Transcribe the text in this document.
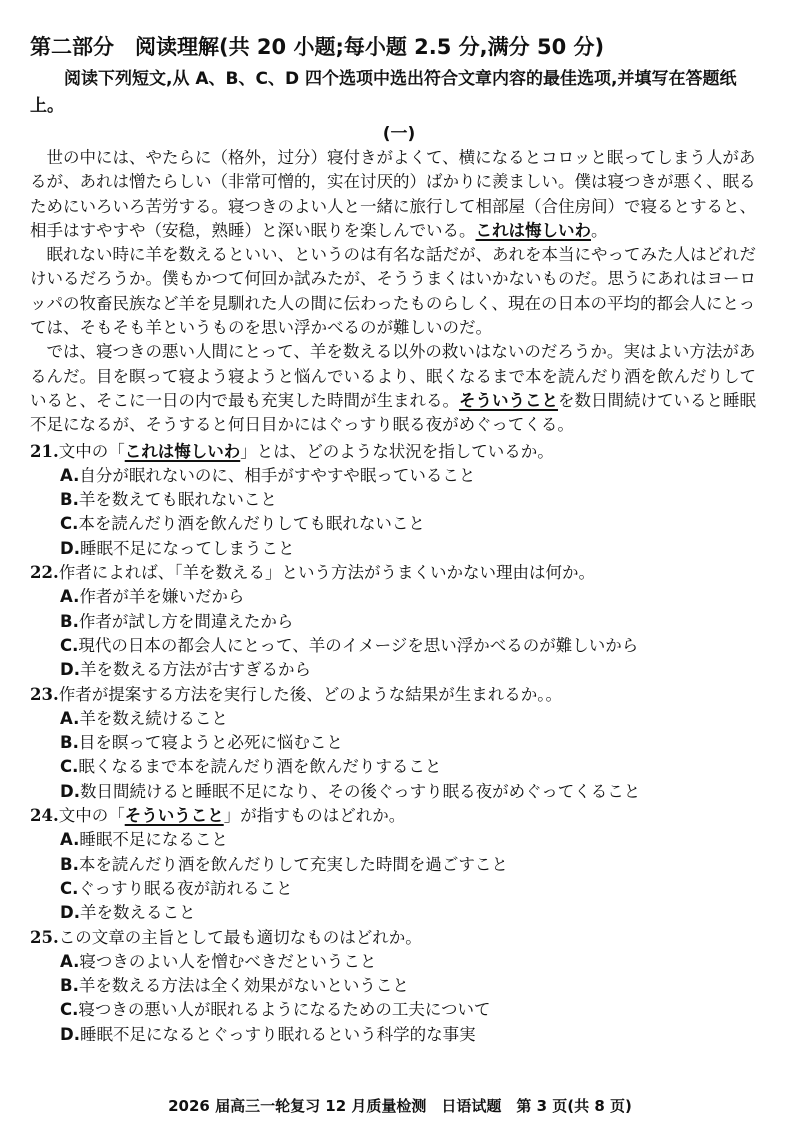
第二部分　阅读理解(共 20 小题;每小题 2.5 分,满分 50 分)

阅读下列短文,从 A、B、C、D 四个选项中选出符合文章内容的最佳选项,并填写在答题纸上。

(一)

世の中には、やたらに（格外，过分）寝付きがよくて、横になるとコロッと眠ってしまう人があるが、あれは憎たらしい（非常可憎的，实在讨厌的）ばかりに羨ましい。僕は寝つきが悪く、眠るためにいろいろ苦労する。寝つきのよい人と一緒に旅行して相部屋（合住房间）で寝るとすると、相手はすやすや（安稳，熟睡）と深い眠りを楽しんでいる。これは悔しいわ。

眠れない時に羊を数えるといい、というのは有名な話だが、あれを本当にやってみた人はどれだけいるだろうか。僕もかつて何回か試みたが、そううまくはいかないものだ。思うにあれはヨーロッパの牧畜民族など羊を見馴れた人の間に伝わったものらしく、現在の日本の平均的都会人にとっては、そもそも羊というものを思い浮かべるのが難しいのだ。

では、寝つきの悪い人間にとって、羊を数える以外の救いはないのだろうか。実はよい方法があるんだ。目を瞑って寝よう寝ようと悩んでいるより、眠くなるまで本を読んだり酒を飲んだりしていると、そこに一日の内で最も充実した時間が生まれる。そういうことを数日間続けていると睡眠不足になるが、そうすると何日目かにはぐっすり眠る夜がめぐってくる。

21.文中の「これは悔しいわ」とは、どのような状況を指しているか。
A.自分が眠れないのに、相手がすやすや眠っていること
B.羊を数えても眠れないこと
C.本を読んだり酒を飲んだりしても眠れないこと
D.睡眠不足になってしまうこと
22.作者によれば、「羊を数える」という方法がうまくいかない理由は何か。
A.作者が羊を嫌いだから
B.作者が試し方を間違えたから
C.現代の日本の都会人にとって、羊のイメージを思い浮かべるのが難しいから
D.羊を数える方法が古すぎるから
23.作者が提案する方法を実行した後、どのような結果が生まれるか。。
A.羊を数え続けること
B.目を瞑って寝ようと必死に悩むこと
C.眠くなるまで本を読んだり酒を飲んだりすること
D.数日間続けると睡眠不足になり、その後ぐっすり眠る夜がめぐってくること
24.文中の「そういうこと」が指すものはどれか。
A.睡眠不足になること
B.本を読んだり酒を飲んだりして充実した時間を過ごすこと
C.ぐっすり眠る夜が訪れること
D.羊を数えること
25.この文章の主旨として最も適切なものはどれか。
A.寝つきのよい人を憎むべきだということ
B.羊を数える方法は全く効果がないということ
C.寝つきの悪い人が眠れるようになるための工夫について
D.睡眠不足になるとぐっすり眠れるという科学的な事実
2026 届高三一轮复习 12 月质量检测　日语试题　第 3 页(共 8 页)
